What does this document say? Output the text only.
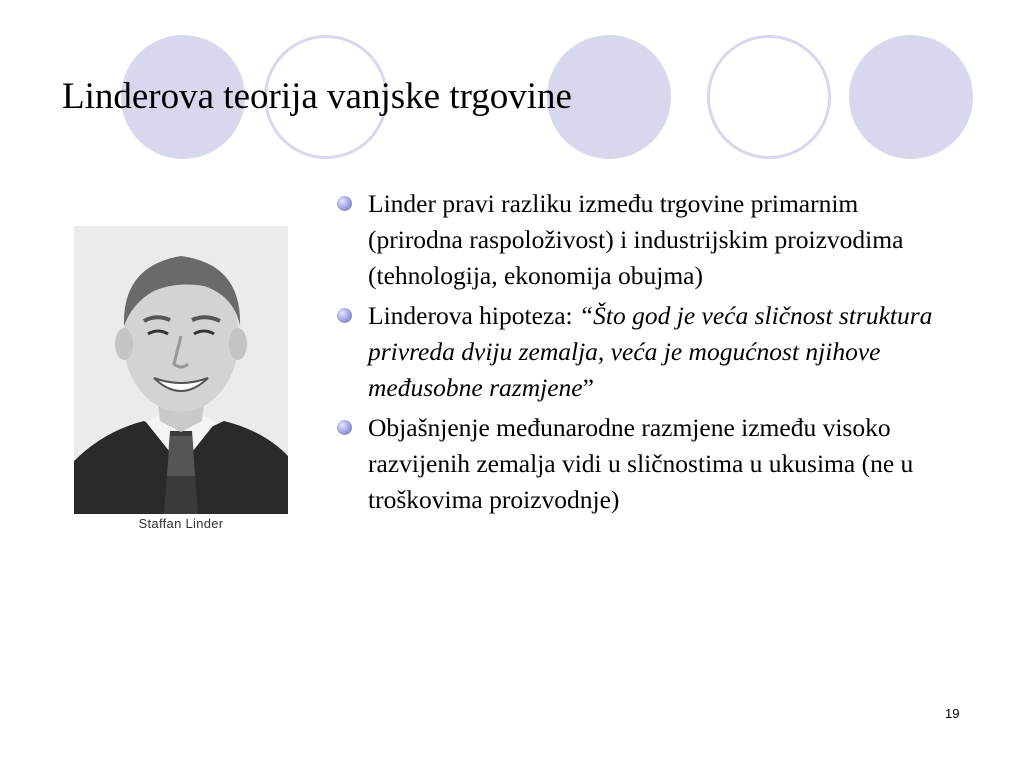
Linderova teorija vanjske trgovine
Staffan Linder
Linder pravi razliku između trgovine primarnim (prirodna raspoloživost) i industrijskim proizvodima (tehnologija, ekonomija obujma)
Linderova hipoteza: “Što god je veća sličnost struktura privreda dviju zemalja, veća je mogućnost njihove međusobne razmjene”
Objašnjenje međunarodne razmjene između visoko razvijenih zemalja vidi u sličnostima u ukusima (ne u troškovima proizvodnje)
19
